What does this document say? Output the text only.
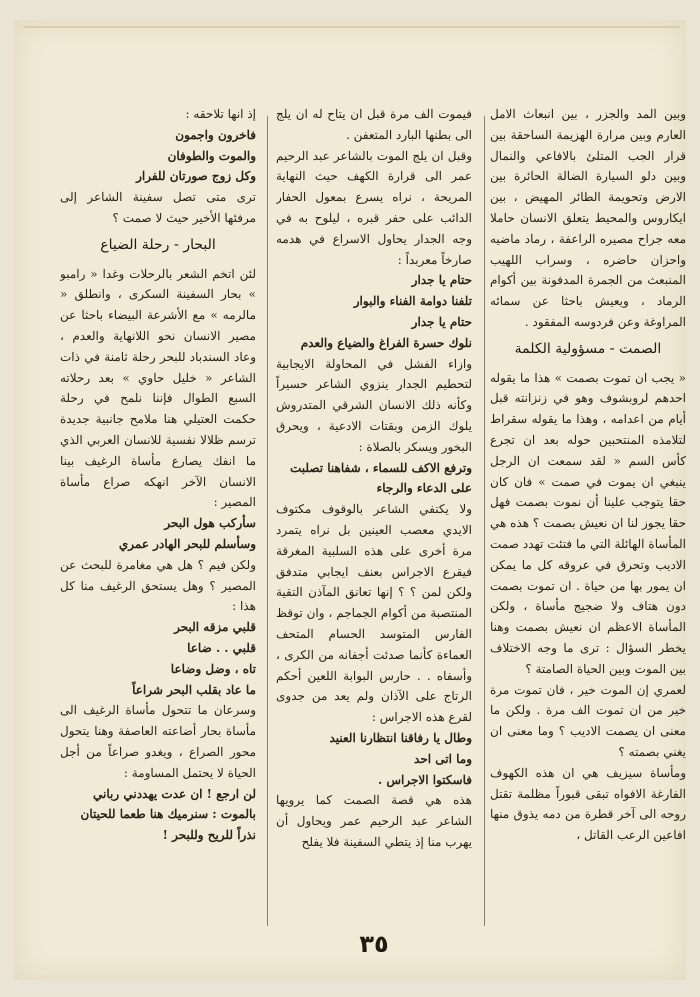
وبين المد والجزر ، بين انبعاث الامل العارم وبين مرارة الهزيمة الساحقة بين قرار الجب المتلئ بالافاعي والنمال وبين دلو السيارة الضالة الحائرة بين الارض وتحويمة الطائر المهيض ، بين ايكاروس والمحيط يتعلق الانسان حاملا معه جراح مصيره الراعفة ، رماد ماضيه واحزان حاضره ، وسراب اللهيب المنبعث من الجمرة المدفونة بين أكوام الرماد ، ويعيش باحثا عن سمائه المراوغة وعن فردوسه المفقود .

الصمت - مسؤولية الكلمة

« يجب ان تموت بصمت » هذا ما يقوله احدهم لروبشوف وهو في زنزانته قبل أيام من اعدامه ، وهذا ما يقوله سقراط لتلامذه المنتحبين حوله بعد ان تجرع كأس السم « لقد سمعت ان الرجل ينبغي ان يموت في صمت » فان كان حقا يتوجب علينا أن نموت بصمت فهل حقا يجوز لنا ان نعيش بصمت ؟ هذه هي المأساة الهائلة التي ما فتئت تهدد صمت الاديب وتحرق في عروقه كل ما يمكن ان يمور بها من حياة . ان تموت بصمت دون هتاف ولا ضجيج مأساة ، ولكن المأساة الاعظم ان نعيش بصمت وهنا يخطر السؤال : ترى ما وجه الاختلاف بين الموت وبين الحياة الصامتة ؟

لعمري إن الموت خير ، فان تموت مرة خير من ان تموت الف مرة . ولكن ما معنى ان يصمت الاديب ؟ وما معنى ان يغني بصمته ؟

ومأساة سيزيف هي ان هذه الكهوف الفارغة الافواه تبقى قبوراً مظلمة تقتل روحه الى آخر قطرة من دمه يذوق منها افاعين الرعب القاتل ،

فيموت الف مرة قبل ان يتاح له ان يلج الى بطنها البارد المتعفن .

وقبل ان يلج الموت بالشاعر عبد الرحيم عمر الى قرارة الكهف حيث النهاية المريحة ، نراه يسرع بمعول الحفار الدائب على حفر قبره ، ليلوح به في وجه الجدار يحاول الاسراع في هدمه صارخاً معربداً :

حتام يا جدار

تلفنا دوامة الفناء والبوار

حتام يا جدار

نلوك حسرة الفراغ والضياع والعدم

وازاء الفشل في المحاولة الايجابية لتحطيم الجدار ينزوي الشاعر حسيراً وكأنه ذلك الانسان الشرقي المتدروش يلوك الزمن وبقتات الادعية ، ويحرق البخور ويسكر بالصلاة :

وترفع الاكف للسماء ، شفاهنا تصلبت على الدعاء والرجاء

ولا يكتفي الشاعر بالوقوف مكتوف الايدي معصب العينين بل نراه يتمرد مرة أخرى على هذه السلبية المغرقة فيقرع الاجراس بعنف ايجابي متدفق ولكن لمن ؟ ؟ إنها تعانق المآذن التقية المنتصبة من أكوام الجماجم ، وان توقظ الفارس المتوسد الحسام المتحف العماءة كأنما صدئت أجفانه من الكرى ، وأسفاه . . حارس البوابة اللعين أحكم الرتاج على الآذان ولم يعد من جدوى لقرع هذه الاجراس :

وطال يا رفاقنا انتظارنا العنيد

وما اتى احد

فاسكتوا الاجراس .

هذه هي قصة الصمت كما يرويها الشاعر عبد الرحيم عمر ويحاول أن يهرب منا إذ يتطي السفينة فلا يفلح

إذ انها تلاحقه :

فاخرون واجمون

والموت والطوفان

وكل زوج صورتان للفرار

ترى متى تصل سفينة الشاعر إلى مرفئها الأخير حيث لا صمت ؟

البحار - رحلة الضياع

لئن اتخم الشعر بالرحلات وغدا « رامبو » بحار السفينة السكرى ، وانطلق « مالرمه » مع الأشرعة البيضاء باحثا عن مصير الانسان نحو اللانهاية والعدم ، وعاد السندباد للبحر رحلة ثامنة في ذات الشاعر « خليل حاوي » بعد رحلاته السبع الطوال فإننا نلمح في رحلة حكمت العتيلي هنا ملامح جانبية جديدة ترسم ظلالا نفسية للانسان العربي الذي ما انفك يصارع مأساة الرغيف بينا الانسان الآخر انهكه صراع مأساة المصير :

سأركب هول البحر

وسأسلم للبحر الهادر عمري

ولكن فيم ؟ هل هي مغامرة للبحث عن المصير ؟ وهل يستحق الرغيف منا كل هذا :

قلبي مزقه البحر

قلبي . . ضاعا

تاه ، وضل وضاعا

ما عاد بقلب البحر شراعاً

وسرعان ما تتحول مأساة الرغيف الى مأساة بحار أضاعته العاصفة وهنا يتحول محور الصراع ، ويغدو صراعاً من أجل الحياة لا يحتمل المساومة :

لن ارجع ! ان عدت يهددني رباني بالموت : سنرميك هنا طعما للحيتان نذراً للريح وللبحر !

٣٥
